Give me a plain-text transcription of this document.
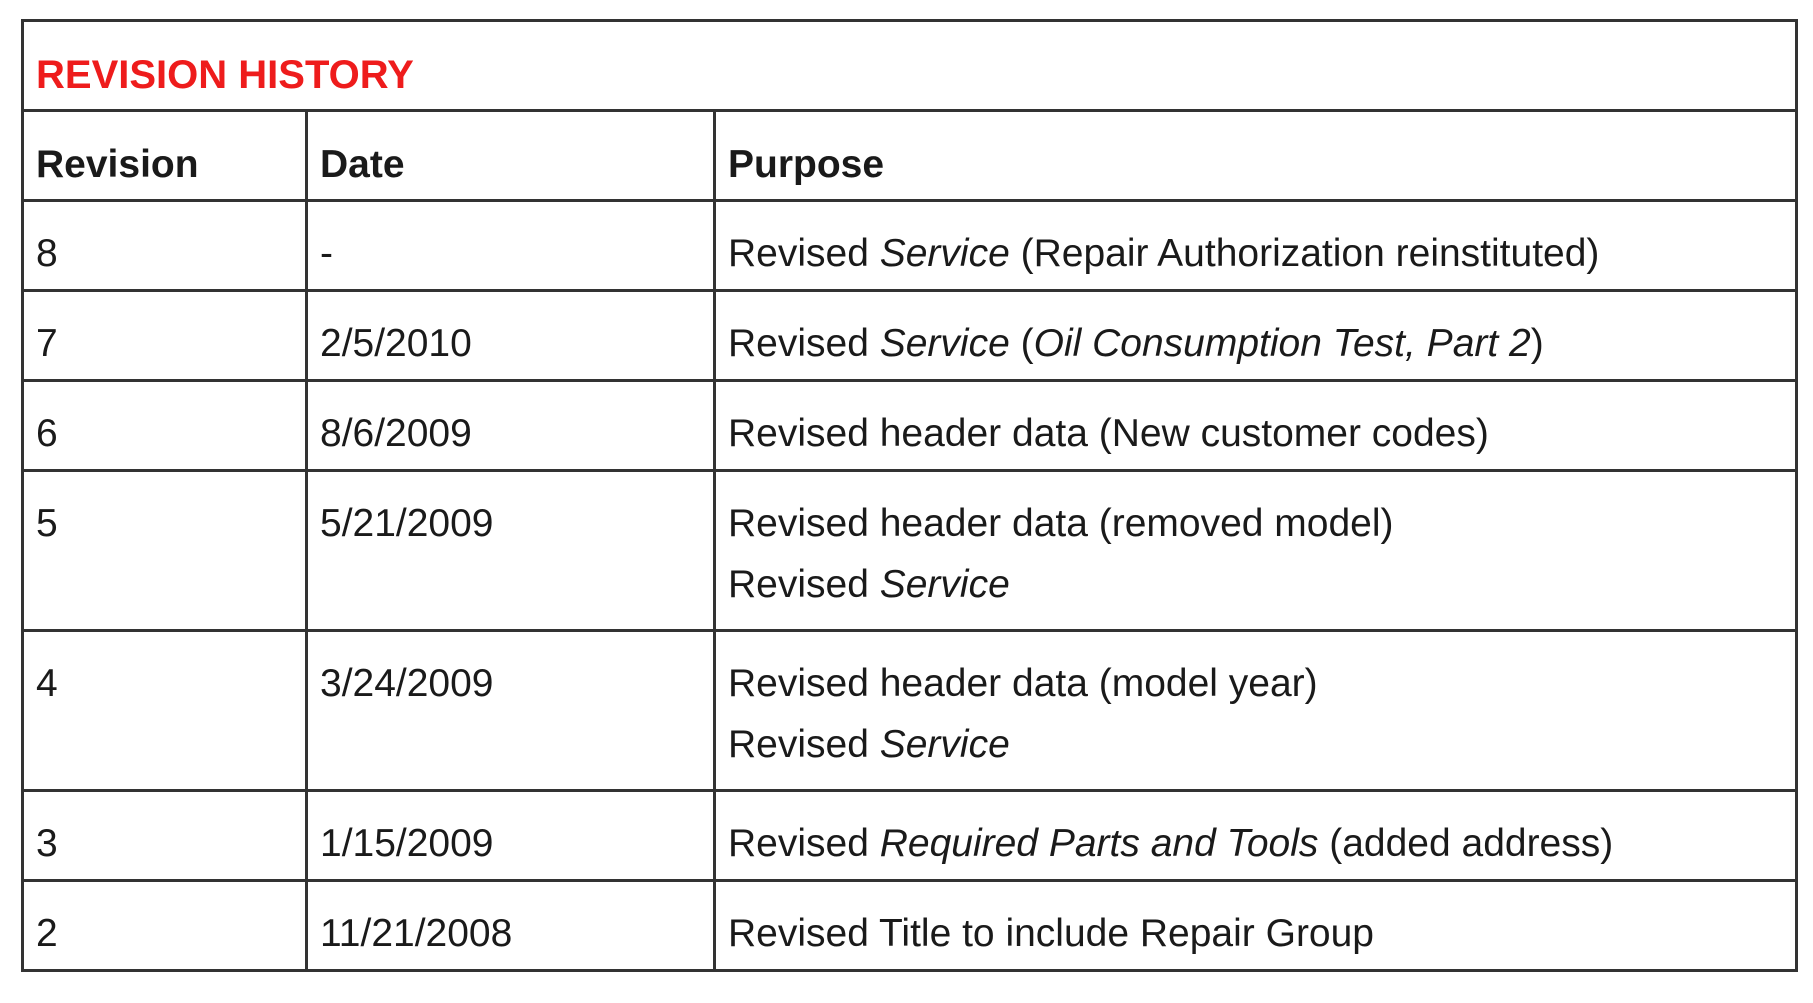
REVISION HISTORY		

Revision	Date	Purpose

8	-	Revised Service (Repair Authorization reinstituted)

7	2/5/2010	Revised Service (Oil Consumption Test, Part 2)

6	8/6/2009	Revised header data (New customer codes)

5	5/21/2009	Revised header data (removed model)
Revised Service

4	3/24/2009	Revised header data (model year)
Revised Service

3	1/15/2009	Revised Required Parts and Tools (added address)

2	11/21/2008	Revised Title to include Repair Group
